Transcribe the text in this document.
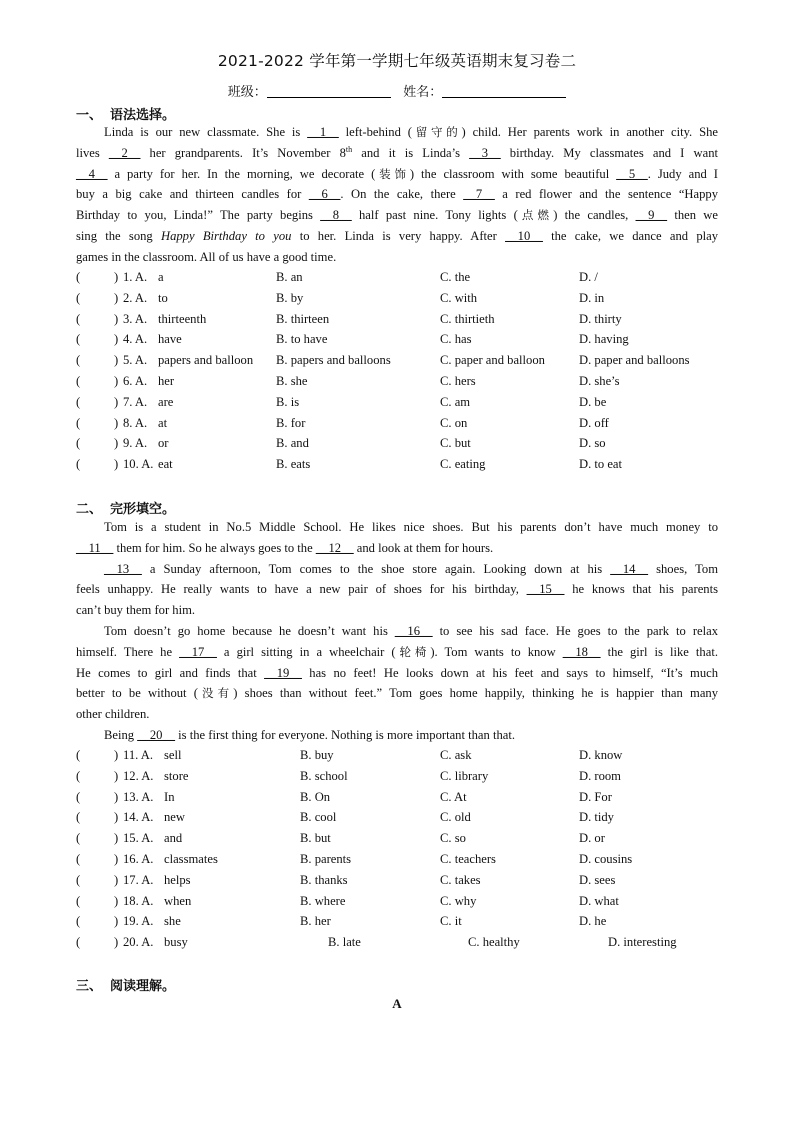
2021-2022 学年第一学期七年级英语期末复习卷二
班级：	姓名：
一、 语法选择。

Linda is our new classmate. She is __1__ left-behind (留守的) child. Her parents work in another city. She

lives __2__ her grandparents. It’s November 8th and it is Linda’s __3__ birthday. My classmates and I want

__4__ a party for her. In the morning, we decorate (装饰) the classroom with some beautiful __5__. Judy and I

buy a big cake and thirteen candles for __6__. On the cake, there __7__ a red flower and the sentence “Happy

Birthday to you, Linda!” The party begins __8__ half past nine. Tony lights (点燃) the candles, __9__ then we

sing the song Happy Birthday to you to her. Linda is very happy. After __10__ the cake, we dance and play

games in the classroom. All of us have a good time.

(	) 1. A. a	B. an	C. the	D. /
(	) 2. A. to	B. by	C. with	D. in
(	) 3. A. thirteenth	B. thirteen	C. thirtieth	D. thirty
(	) 4. A. have	B. to have	C. has	D. having
(	) 5. A. papers and balloon B. papers and balloons	C. paper and balloon	D. paper and balloons
(	) 6. A. her	B. she	C. hers	D. she’s
(	) 7. A. are	B. is	C. am	D. be
(	) 8. A. at	B. for	C. on	D. off
(	) 9. A. or	B. and	C. but	D. so
(	) 10. A. eat	B. eats	C. eating	D. to eat
二、 完形填空。

Tom is a student in No.5 Middle School. He likes nice shoes. But his parents don’t have much money to

__11__ them for him. So he always goes to the __12__ and look at them for hours.

__13__ a Sunday afternoon, Tom comes to the shoe store again. Looking down at his __14__ shoes, Tom

feels unhappy. He really wants to have a new pair of shoes for his birthday, __15__ he knows that his parents

can’t buy them for him.

Tom doesn’t go home because he doesn’t want his __16__ to see his sad face. He goes to the park to relax

himself. There he __17__ a girl sitting in a wheelchair (轮椅). Tom wants to know __18__ the girl is like that.

He comes to girl and finds that __19__ has no feet! He looks down at his feet and says to himself, “It’s much

better to be without (没有) shoes than without feet.” Tom goes home happily, thinking he is happier than many

other children.

Being __20__ is the first thing for everyone. Nothing is more important than that.

(	) 11. A. sell	B. buy	C. ask	D. know
(	) 12. A. store	B. school	C. library	D. room
(	) 13. A. In	B. On	C. At	D. For
(	) 14. A. new	B. cool	C. old	D. tidy
(	) 15. A. and	B. but	C. so	D. or
(	) 16. A. classmates	B. parents	C. teachers	D. cousins
(	) 17. A. helps	B. thanks	C. takes	D. sees
(	) 18. A. when	B. where	C. why	D. what
(	) 19. A. she	B. her	C. it	D. he
(	) 20. A. busy	B. late	C. healthy	D. interesting
三、 阅读理解。
A
